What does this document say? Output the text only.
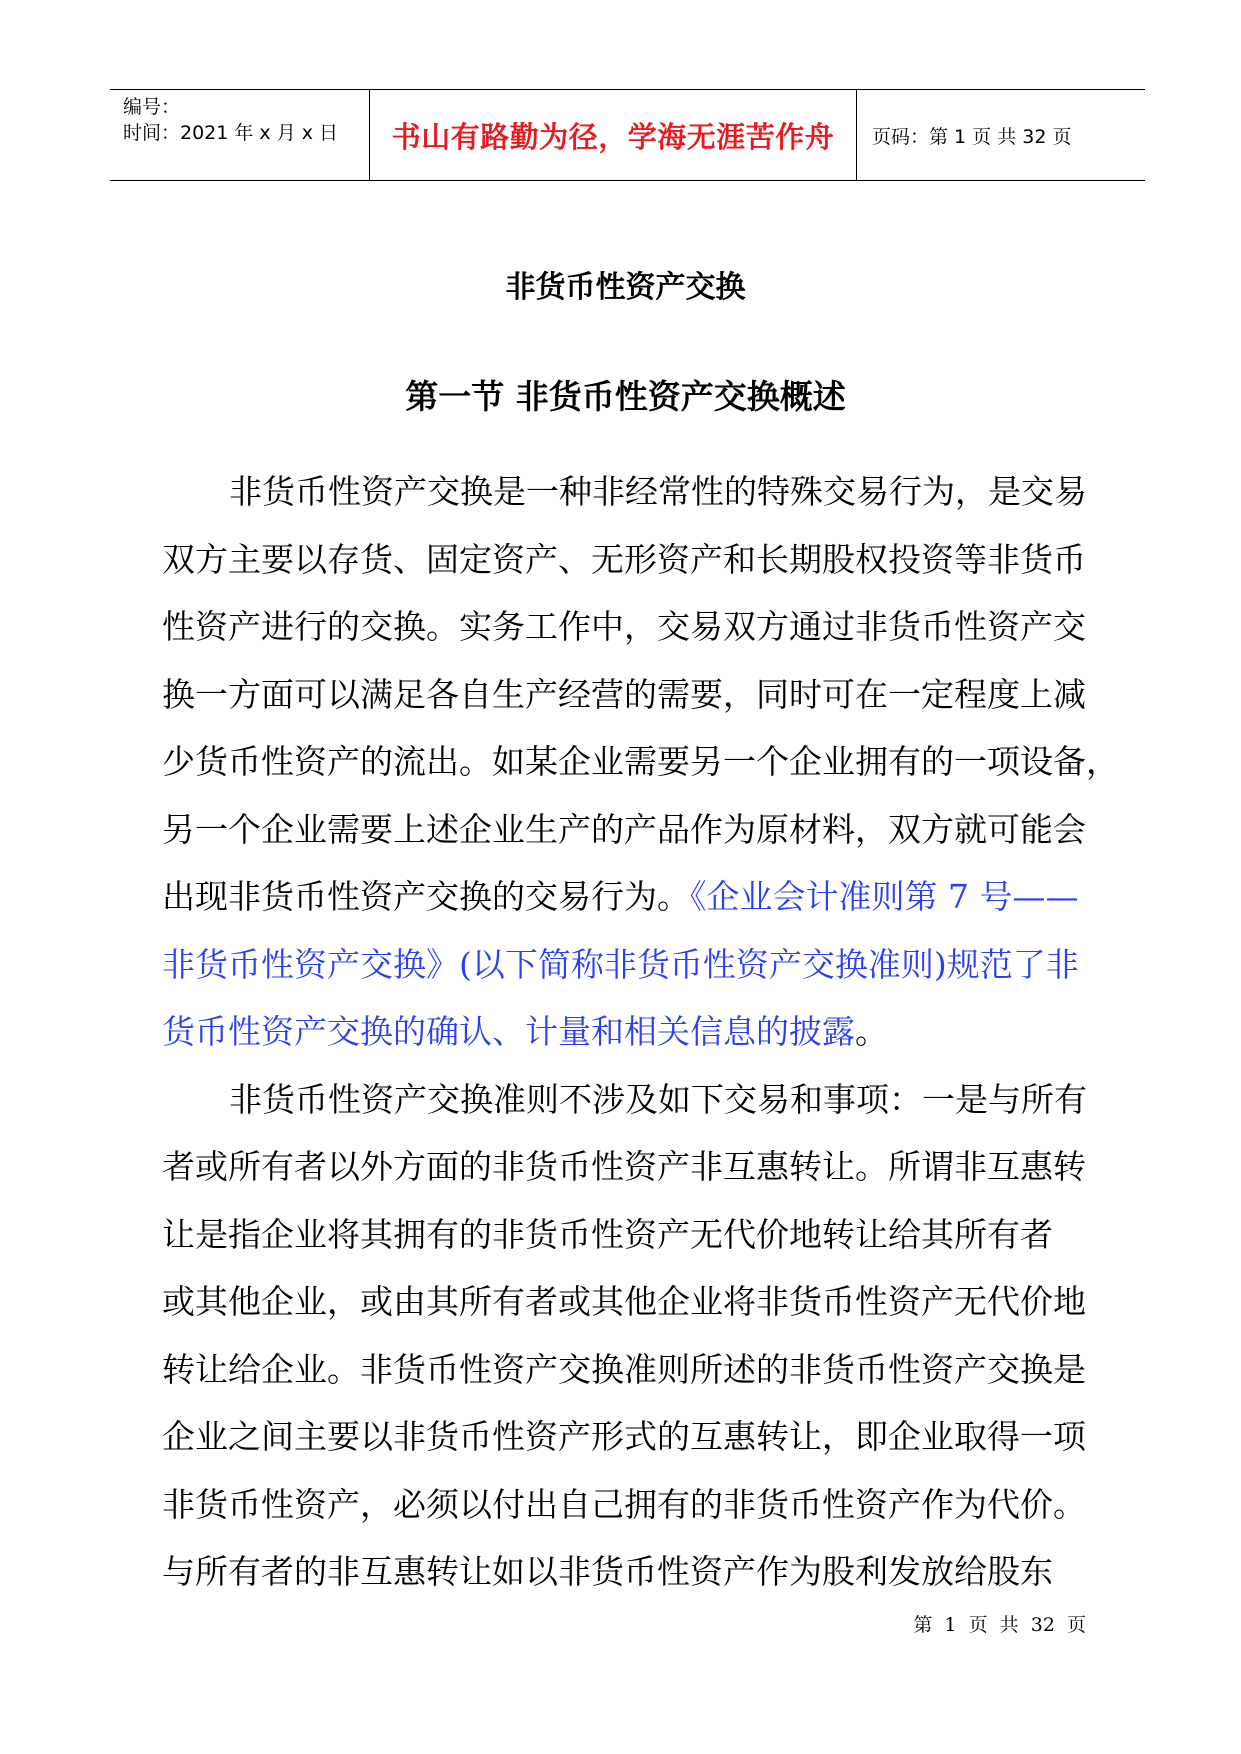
编号：
时间：2021 年 x 月 x 日	书山有路勤为径，学海无涯苦作舟 页码：第 1 页 共 32 页
非货币性资产交换
第一节 非货币性资产交换概述
非货币性资产交换是一种非经常性的特殊交易行为，是交易
双方主要以存货、固定资产、无形资产和长期股权投资等非货币
性资产进行的交换。实务工作中，交易双方通过非货币性资产交
换一方面可以满足各自生产经营的需要，同时可在一定程度上减
少货币性资产的流出。如某企业需要另一个企业拥有的一项设备，
另一个企业需要上述企业生产的产品作为原材料，双方就可能会
出现非货币性资产交换的交易行为。《企业会计准则第 7 号——
非货币性资产交换》(以下简称非货币性资产交换准则)规范了非
货币性资产交换的确认、计量和相关信息的披露。
非货币性资产交换准则不涉及如下交易和事项：一是与所有
者或所有者以外方面的非货币性资产非互惠转让。所谓非互惠转
让是指企业将其拥有的非货币性资产无代价地转让给其所有者
或其他企业，或由其所有者或其他企业将非货币性资产无代价地
转让给企业。非货币性资产交换准则所述的非货币性资产交换是
企业之间主要以非货币性资产形式的互惠转让，即企业取得一项
非货币性资产，必须以付出自己拥有的非货币性资产作为代价。
与所有者的非互惠转让如以非货币性资产作为股利发放给股东
第  1  页  共  32  页
